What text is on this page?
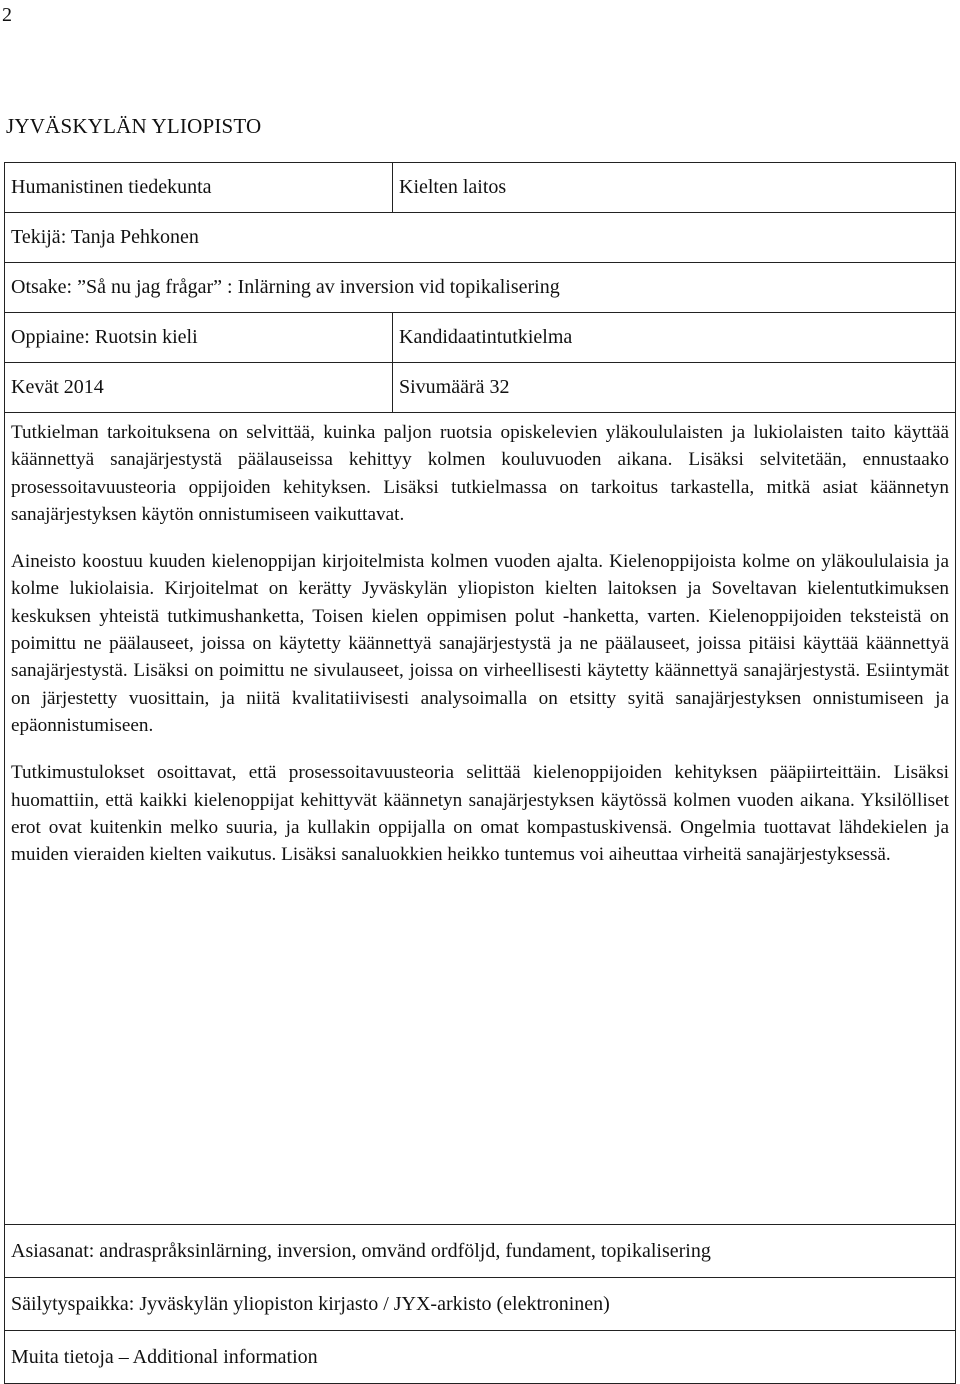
2
JYVÄSKYLÄN YLIOPISTO
Humanistinen tiedekunta	Kielten laitos
Tekijä: Tanja Pehkonen	
Otsake: ”Så nu jag frågar” : Inlärning av inversion vid topikalisering	
Oppiaine: Ruotsin kieli	Kandidaatintutkielma
Kevät 2014	Sivumäärä 32

Tutkielman tarkoituksena on selvittää, kuinka paljon ruotsia opiskelevien yläkoululaisten ja lukiolaisten taito käyttää käännettyä sanajärjestystä päälauseissa kehittyy kolmen kouluvuoden aikana. Lisäksi selvitetään, ennustaako prosessoitavuusteoria oppijoiden kehityksen. Lisäksi tutkielmassa on tarkoitus tarkastella, mitkä asiat käännetyn sanajärjestyksen käytön onnistumiseen vaikuttavat.

Aineisto koostuu kuuden kielenoppijan kirjoitelmista kolmen vuoden ajalta. Kielenoppijoista kolme on yläkoululaisia ja kolme lukiolaisia. Kirjoitelmat on kerätty Jyväskylän yliopiston kielten laitoksen ja Soveltavan kielentutkimuksen keskuksen yhteistä tutkimushanketta, Toisen kielen oppimisen polut -hanketta, varten. Kielenoppijoiden teksteistä on poimittu ne päälauseet, joissa on käytetty käännettyä sanajärjestystä ja ne päälauseet, joissa pitäisi käyttää käännettyä sanajärjestystä. Lisäksi on poimittu ne sivulauseet, joissa on virheellisesti käytetty käännettyä sanajärjestystä. Esiintymät on järjestetty vuosittain, ja niitä kvalitatiivisesti analysoimalla on etsitty syitä sanajärjestyksen onnistumiseen ja epäonnistumiseen.

Tutkimustulokset osoittavat, että prosessoitavuusteoria selittää kielenoppijoiden kehityksen pääpiirteittäin. Lisäksi huomattiin, että kaikki kielenoppijat kehittyvät käännetyn sanajärjestyksen käytössä kolmen vuoden aikana. Yksilölliset erot ovat kuitenkin melko suuria, ja kullakin oppijalla on omat kompastuskivensä. Ongelmia tuottavat lähdekielen ja muiden vieraiden kielten vaikutus. Lisäksi sanaluokkien heikko tuntemus voi aiheuttaa virheitä sanajärjestyksessä.	

Asiasanat: andraspråksinlärning, inversion, omvänd ordföljd, fundament, topikalisering	
Säilytyspaikka: Jyväskylän yliopiston kirjasto / JYX-arkisto (elektroninen)	
Muita tietoja – Additional information	
